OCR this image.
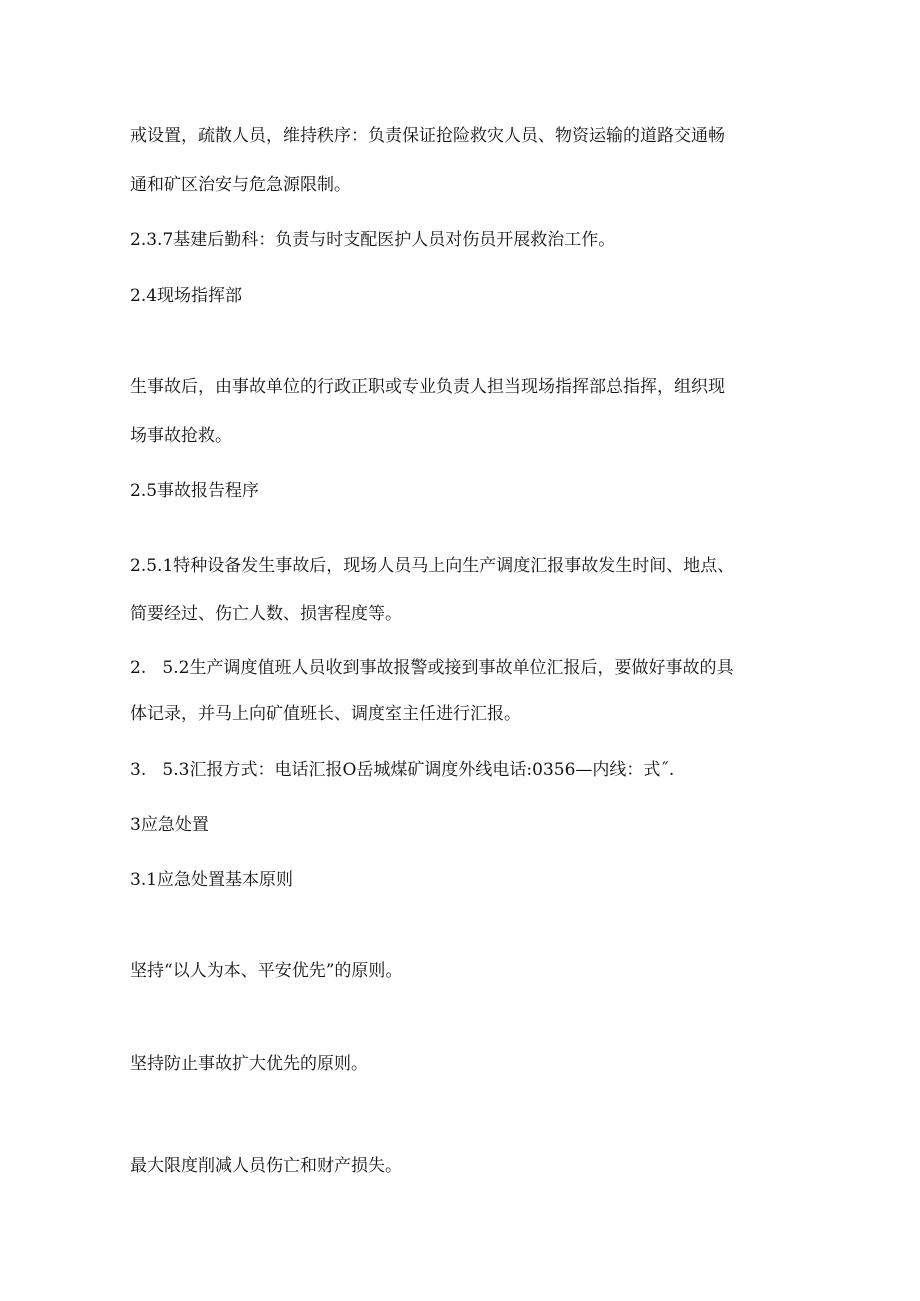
戒设置，疏散人员，维持秩序：负责保证抢险救灾人员、物资运输的道路交通畅

通和矿区治安与危急源限制。

2.3.7基建后勤科：负责与时支配医护人员对伤员开展救治工作。

2.4现场指挥部

生事故后，由事故单位的行政正职或专业负责人担当现场指挥部总指挥，组织现

场事故抢救。

2.5事故报告程序

2.5.1特种设备发生事故后，现场人员马上向生产调度汇报事故发生时间、地点、

简要经过、伤亡人数、损害程度等。

2.   5.2生产调度值班人员收到事故报警或接到事故单位汇报后，要做好事故的具

体记录，并马上向矿值班长、调度室主任进行汇报。

3.   5.3汇报方式：电话汇报O岳城煤矿调度外线电话:0356—内线：式˝.

3应急处置

3.1应急处置基本原则

坚持“以人为本、平安优先”的原则。

坚持防止事故扩大优先的原则。

最大限度削减人员伤亡和财产损失。
